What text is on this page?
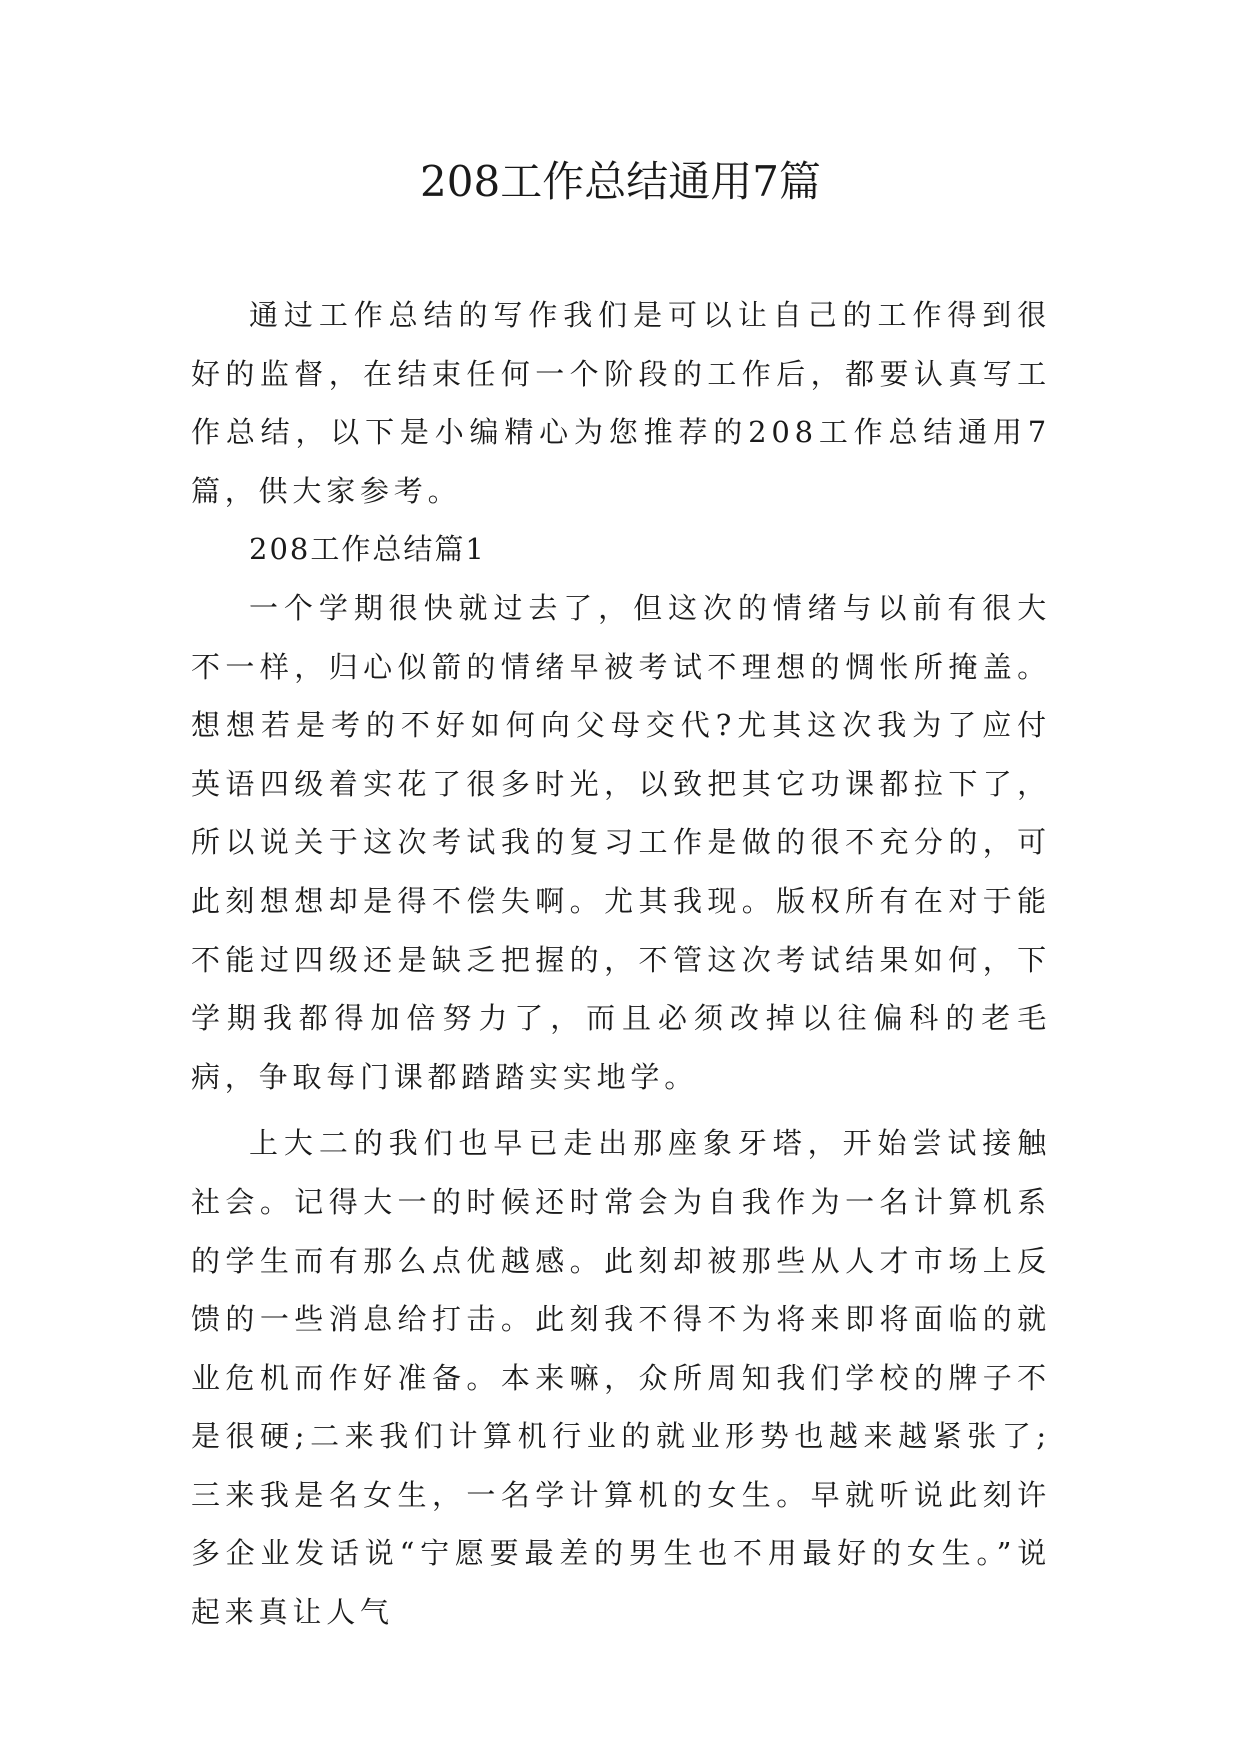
208工作总结通用7篇

通过工作总结的写作我们是可以让自己的工作得到很好的监督，在结束任何一个阶段的工作后，都要认真写工作总结，以下是小编精心为您推荐的208工作总结通用7篇，供大家参考。

208工作总结篇1

一个学期很快就过去了，但这次的情绪与以前有很大不一样，归心似箭的情绪早被考试不理想的惆怅所掩盖。想想若是考的不好如何向父母交代?尤其这次我为了应付英语四级着实花了很多时光，以致把其它功课都拉下了，所以说关于这次考试我的复习工作是做的很不充分的，可此刻想想却是得不偿失啊。尤其我现。版权所有在对于能不能过四级还是缺乏把握的，不管这次考试结果如何，下学期我都得加倍努力了，而且必须改掉以往偏科的老毛病，争取每门课都踏踏实实地学。

上大二的我们也早已走出那座象牙塔，开始尝试接触社会。记得大一的时候还时常会为自我作为一名计算机系的学生而有那么点优越感。此刻却被那些从人才市场上反馈的一些消息给打击。此刻我不得不为将来即将面临的就业危机而作好准备。本来嘛，众所周知我们学校的牌子不是很硬;二来我们计算机行业的就业形势也越来越紧张了;三来我是名女生，一名学计算机的女生。早就听说此刻许多企业发话说“宁愿要最差的男生也不用最好的女生。”说起来真让人气
